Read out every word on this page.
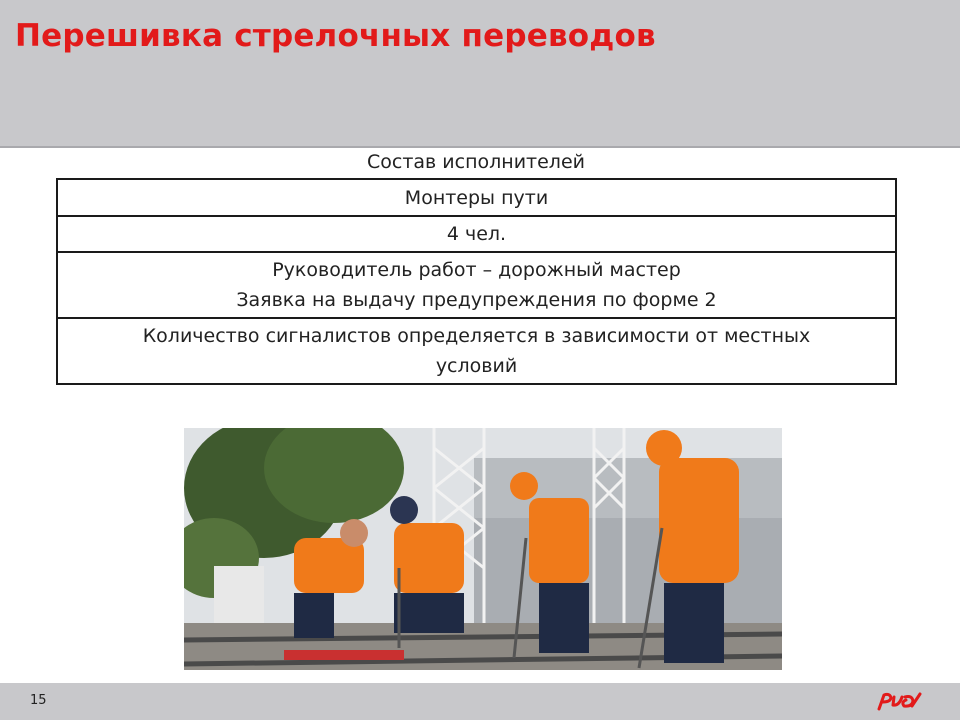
Перешивка стрелочных переводов
Состав исполнителей
Монтеры пути
4 чел.

Руководитель работ – дорожный мастер
Заявка на выдачу предупреждения по форме 2

Количество сигналистов определяется в зависимости от местных
условий
15
